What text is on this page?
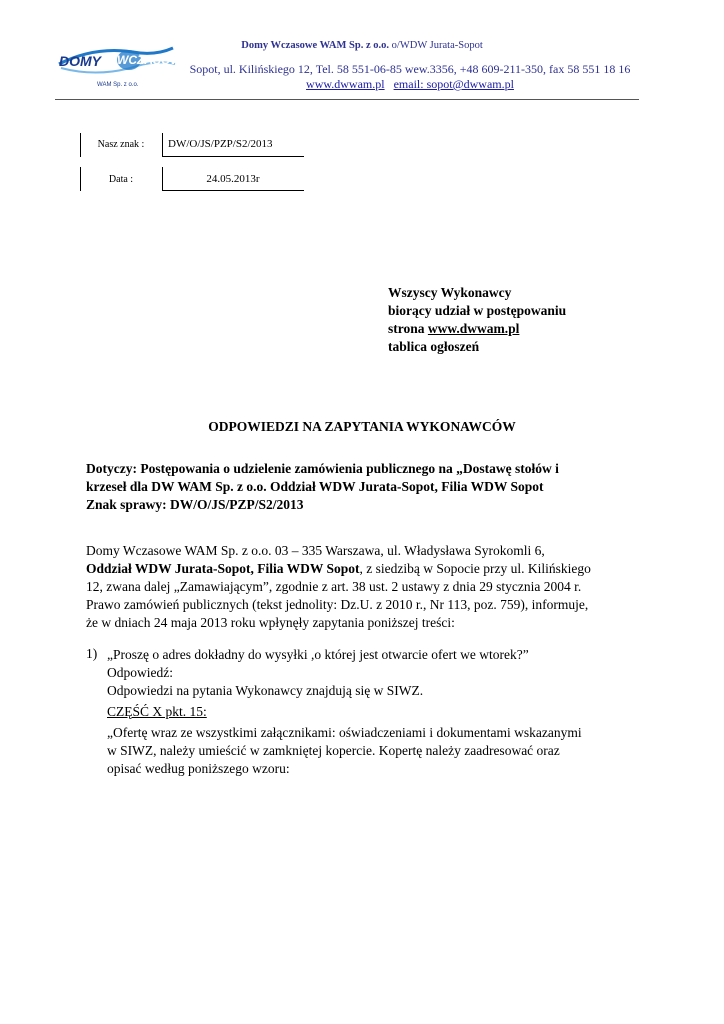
DOMY WCZASOWE
WAM Sp. z o.o.
Domy Wczasowe WAM Sp. z o.o. o/WDW Jurata-Sopot
Sopot, ul. Kilińskiego 12, Tel. 58 551-06-85 wew.3356, +48 609-211-350, fax 58 551 18 16
www.dwwam.pl email: sopot@dwwam.pl
Nasz znak :	DW/O/JS/PZP/S2/2013
Data :	24.05.2013r
Wszyscy Wykonawcy
biorący udział w postępowaniu
strona www.dwwam.pl
tablica ogłoszeń
ODPOWIEDZI NA ZAPYTANIA WYKONAWCÓW
Dotyczy: Postępowania o udzielenie zamówienia publicznego na „Dostawę stołów i
krzeseł dla DW WAM Sp. z o.o. Oddział WDW Jurata-Sopot, Filia WDW Sopot
Znak sprawy: DW/O/JS/PZP/S2/2013
Domy Wczasowe WAM Sp. z o.o. 03 – 335 Warszawa, ul. Władysława Syrokomli 6,
Oddział WDW Jurata-Sopot, Filia WDW Sopot, z siedzibą w Sopocie przy ul. Kilińskiego
12, zwana dalej „Zamawiającym”, zgodnie z art. 38 ust. 2 ustawy z dnia 29 stycznia 2004 r.
Prawo zamówień publicznych (tekst jednolity: Dz.U. z 2010 r., Nr 113, poz. 759), informuje,
że w dniach 24 maja 2013 roku wpłynęły zapytania poniższej treści:
1) „Proszę o adres dokładny do wysyłki ,o której jest otwarcie ofert we wtorek?”
Odpowiedź:
Odpowiedzi na pytania Wykonawcy znajdują się w SIWZ.
CZĘŚĆ X pkt. 15:
„Ofertę wraz ze wszystkimi załącznikami: oświadczeniami i dokumentami wskazanymi
w SIWZ, należy umieścić w zamkniętej kopercie. Kopertę należy zaadresować oraz
opisać według poniższego wzoru:
